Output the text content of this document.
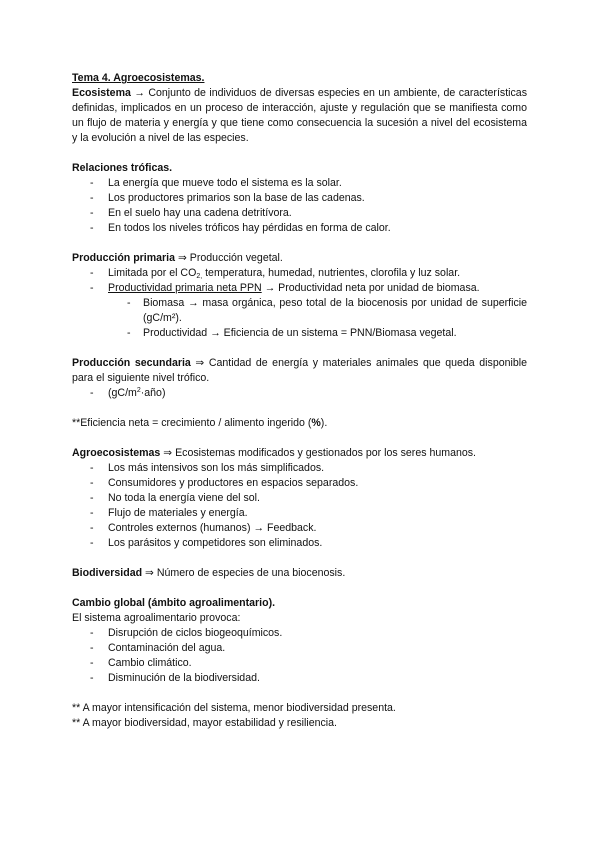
Tema 4. Agroecosistemas.

Ecosistema → Conjunto de individuos de diversas especies en un ambiente, de características definidas, implicados en un proceso de interacción, ajuste y regulación que se manifiesta como un flujo de materia y energía y que tiene como consecuencia la sucesión a nivel del ecosistema y la evolución a nivel de las especies.

Relaciones tróficas.

- La energía que mueve todo el sistema es la solar.
- Los productores primarios son la base de las cadenas.
- En el suelo hay una cadena detritívora.
- En todos los niveles tróficos hay pérdidas en forma de calor.

Producción primaria ⇒ Producción vegetal.

- Limitada por el $CO_{2,}$ temperatura, humedad, nutrientes, clorofila y luz solar.
- Productividad primaria neta PPN → Productividad neta por unidad de biomasa.
- Biomasa → masa orgánica, peso total de la biocenosis por unidad de superficie (gC/m²).
- Productividad → Eficiencia de un sistema = PNN/Biomasa vegetal.

Producción secundaria ⇒ Cantidad de energía y materiales animales que queda disponible para el siguiente nivel trófico.

- $(gC/m^2\cdot año)$

**Eficiencia neta = crecimiento / alimento ingerido (%).

Agroecosistemas ⇒ Ecosistemas modificados y gestionados por los seres humanos.

- Los más intensivos son los más simplificados.
- Consumidores y productores en espacios separados.
- No toda la energía viene del sol.
- Flujo de materiales y energía.
- Controles externos (humanos) → Feedback.
- Los parásitos y competidores son eliminados.

Biodiversidad ⇒ Número de especies de una biocenosis.

Cambio global (ámbito agroalimentario).

El sistema agroalimentario provoca:

- Disrupción de ciclos biogeoquímicos.
- Contaminación del agua.
- Cambio climático.
- Disminución de la biodiversidad.

** A mayor intensificación del sistema, menor biodiversidad presenta.

** A mayor biodiversidad, mayor estabilidad y resiliencia.
